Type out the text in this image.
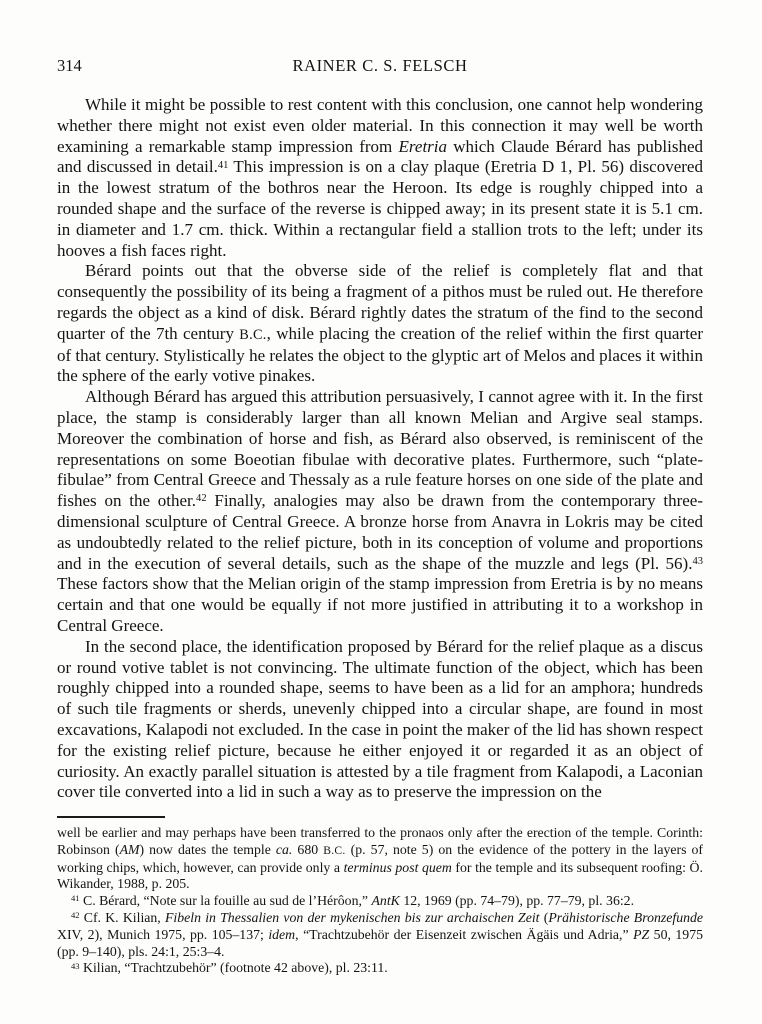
314	RAINER C. S. FELSCH

While it might be possible to rest content with this conclusion, one cannot help wondering whether there might not exist even older material. In this connection it may well be worth examining a remarkable stamp impression from Eretria which Claude Bérard has published and discussed in detail.$^{41}$ This impression is on a clay plaque (Eretria D 1, Pl. 56) discovered in the lowest stratum of the bothros near the Heroon. Its edge is roughly chipped into a rounded shape and the surface of the reverse is chipped away; in its present state it is 5.1 cm. in diameter and 1.7 cm. thick. Within a rectangular field a stallion trots to the left; under its hooves a fish faces right.

Bérard points out that the obverse side of the relief is completely flat and that consequently the possibility of its being a fragment of a pithos must be ruled out. He therefore regards the object as a kind of disk. Bérard rightly dates the stratum of the find to the second quarter of the 7th century B.C., while placing the creation of the relief within the first quarter of that century. Stylistically he relates the object to the glyptic art of Melos and places it within the sphere of the early votive pinakes.

Although Bérard has argued this attribution persuasively, I cannot agree with it. In the first place, the stamp is considerably larger than all known Melian and Argive seal stamps. Moreover the combination of horse and fish, as Bérard also observed, is reminiscent of the representations on some Boeotian fibulae with decorative plates. Furthermore, such “plate-fibulae” from Central Greece and Thessaly as a rule feature horses on one side of the plate and fishes on the other.$^{42}$ Finally, analogies may also be drawn from the contemporary three-dimensional sculpture of Central Greece. A bronze horse from Anavra in Lokris may be cited as undoubtedly related to the relief picture, both in its conception of volume and proportions and in the execution of several details, such as the shape of the muzzle and legs (Pl. 56).$^{43}$ These factors show that the Melian origin of the stamp impression from Eretria is by no means certain and that one would be equally if not more justified in attributing it to a workshop in Central Greece.

In the second place, the identification proposed by Bérard for the relief plaque as a discus or round votive tablet is not convincing. The ultimate function of the object, which has been roughly chipped into a rounded shape, seems to have been as a lid for an amphora; hundreds of such tile fragments or sherds, unevenly chipped into a circular shape, are found in most excavations, Kalapodi not excluded. In the case in point the maker of the lid has shown respect for the existing relief picture, because he either enjoyed it or regarded it as an object of curiosity. An exactly parallel situation is attested by a tile fragment from Kalapodi, a Laconian cover tile converted into a lid in such a way as to preserve the impression on the

well be earlier and may perhaps have been transferred to the pronaos only after the erection of the temple. Corinth: Robinson (AM) now dates the temple ca. 680 B.C. (p. 57, note 5) on the evidence of the pottery in the layers of working chips, which, however, can provide only a terminus post quem for the temple and its subsequent roofing: Ö. Wikander, 1988, p. 205.

$^{41}$ C. Bérard, “Note sur la fouille au sud de l’Hérôon,” AntK 12, 1969 (pp. 74–79), pp. 77–79, pl. 36:2.

$^{42}$ Cf. K. Kilian, Fibeln in Thessalien von der mykenischen bis zur archaischen Zeit (Prähistorische Bronzefunde XIV, 2), Munich 1975, pp. 105–137; idem, “Trachtzubehör der Eisenzeit zwischen Ägäis und Adria,” PZ 50, 1975 (pp. 9–140), pls. 24:1, 25:3–4.

$^{43}$ Kilian, “Trachtzubehör” (footnote 42 above), pl. 23:11.
